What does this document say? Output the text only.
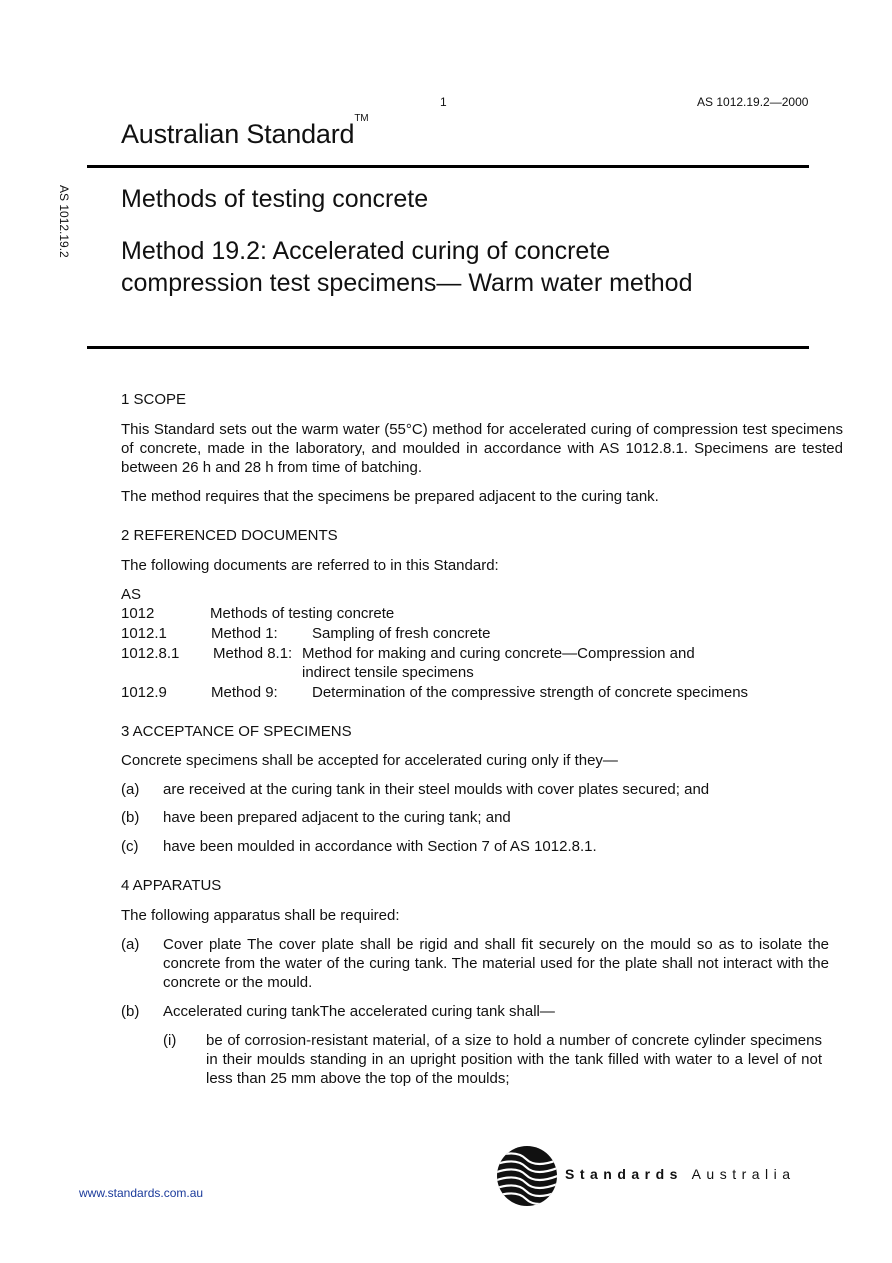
1	AS 1012.19.2—2000
Australian Standard™
AS 1012.19.2 Methods of testing concrete
Method 19.2: Accelerated curing of concrete compression test specimens— Warm water method
1 SCOPE
This Standard sets out the warm water (55°C) method for accelerated curing of compression test specimens of concrete, made in the laboratory, and moulded in accordance with AS 1012.8.1. Specimens are tested between 26 h and 28 h from time of batching.
The method requires that the specimens be prepared adjacent to the curing tank.
2 REFERENCED DOCUMENTS
The following documents are referred to in this Standard:
AS
1012	Methods of testing concrete
1012.1	Method 1: Sampling of fresh concrete
1012.8.1 Method 8.1: Method for making and curing concrete—Compression and
indirect tensile specimens
1012.9	Method 9: Determination of the compressive strength of concrete specimens
3 ACCEPTANCE OF SPECIMENS
Concrete specimens shall be accepted for accelerated curing only if they—
(a) are received at the curing tank in their steel moulds with cover plates secured; and
(b) have been prepared adjacent to the curing tank; and
(c) have been moulded in accordance with Section 7 of AS 1012.8.1.
4 APPARATUS
The following apparatus shall be required:
(a) Cover plate The cover plate shall be rigid and shall fit securely on the mould so as to isolate the concrete from the water of the curing tank. The material used for the plate shall not interact with the concrete or the mould.
(b) Accelerated curing tankThe accelerated curing tank shall—
(i) be of corrosion-resistant material, of a size to hold a number of concrete cylinder specimens in their moulds standing in an upright position with the tank filled with water to a level of not less than 25 mm above the top of the moulds;
www.standards.com.au
Standards Australia
